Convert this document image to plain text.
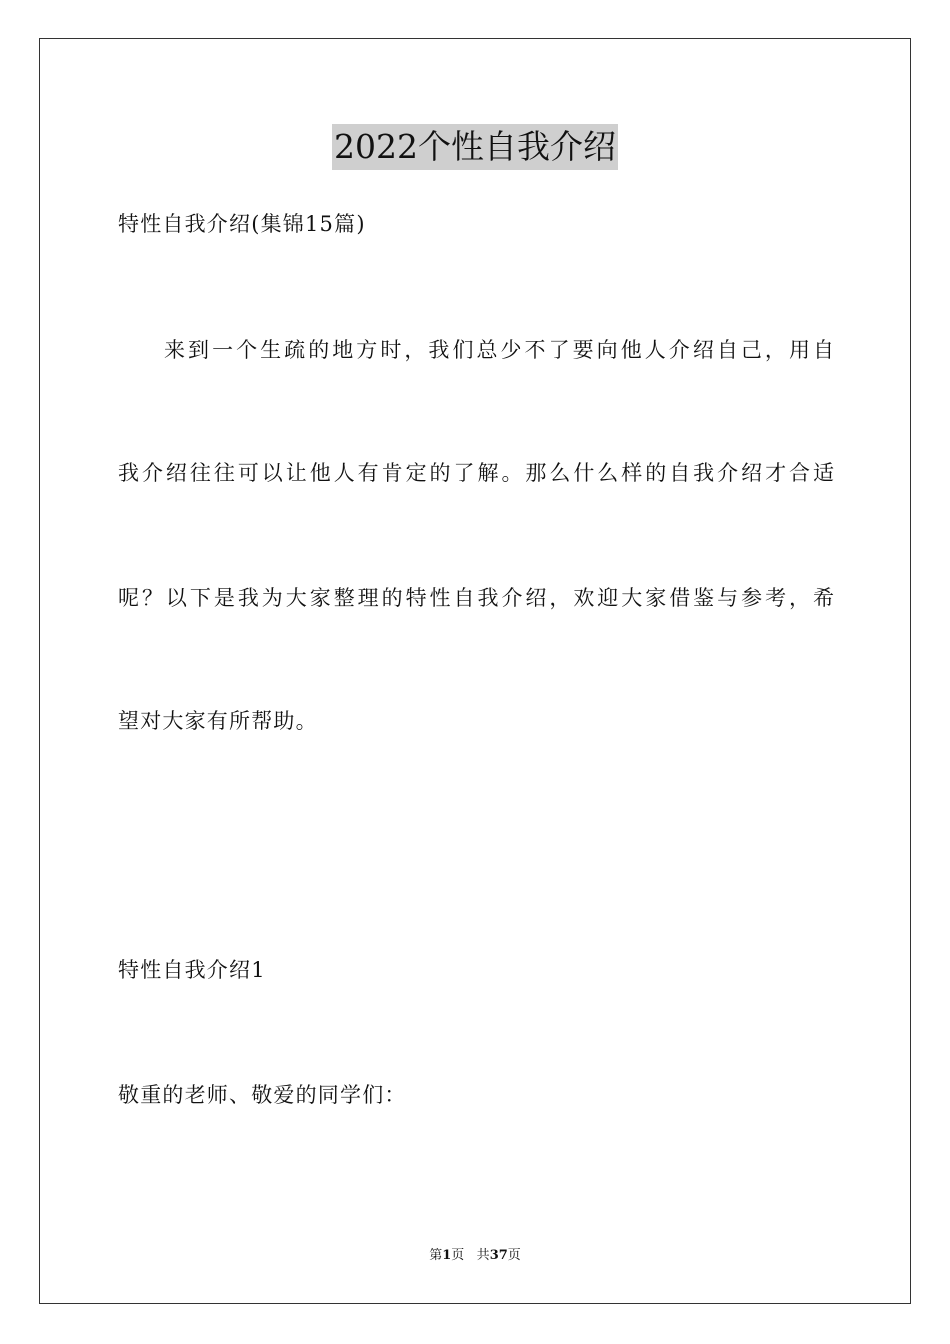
2022个性自我介绍
特性自我介绍(集锦15篇)
来到一个生疏的地方时，我们总少不了要向他人介绍自己，用自
我介绍往往可以让他人有肯定的了解。那么什么样的自我介绍才合适
呢？以下是我为大家整理的特性自我介绍，欢迎大家借鉴与参考，希
望对大家有所帮助。
特性自我介绍1
敬重的老师、敬爱的同学们：
第1页 共37页
